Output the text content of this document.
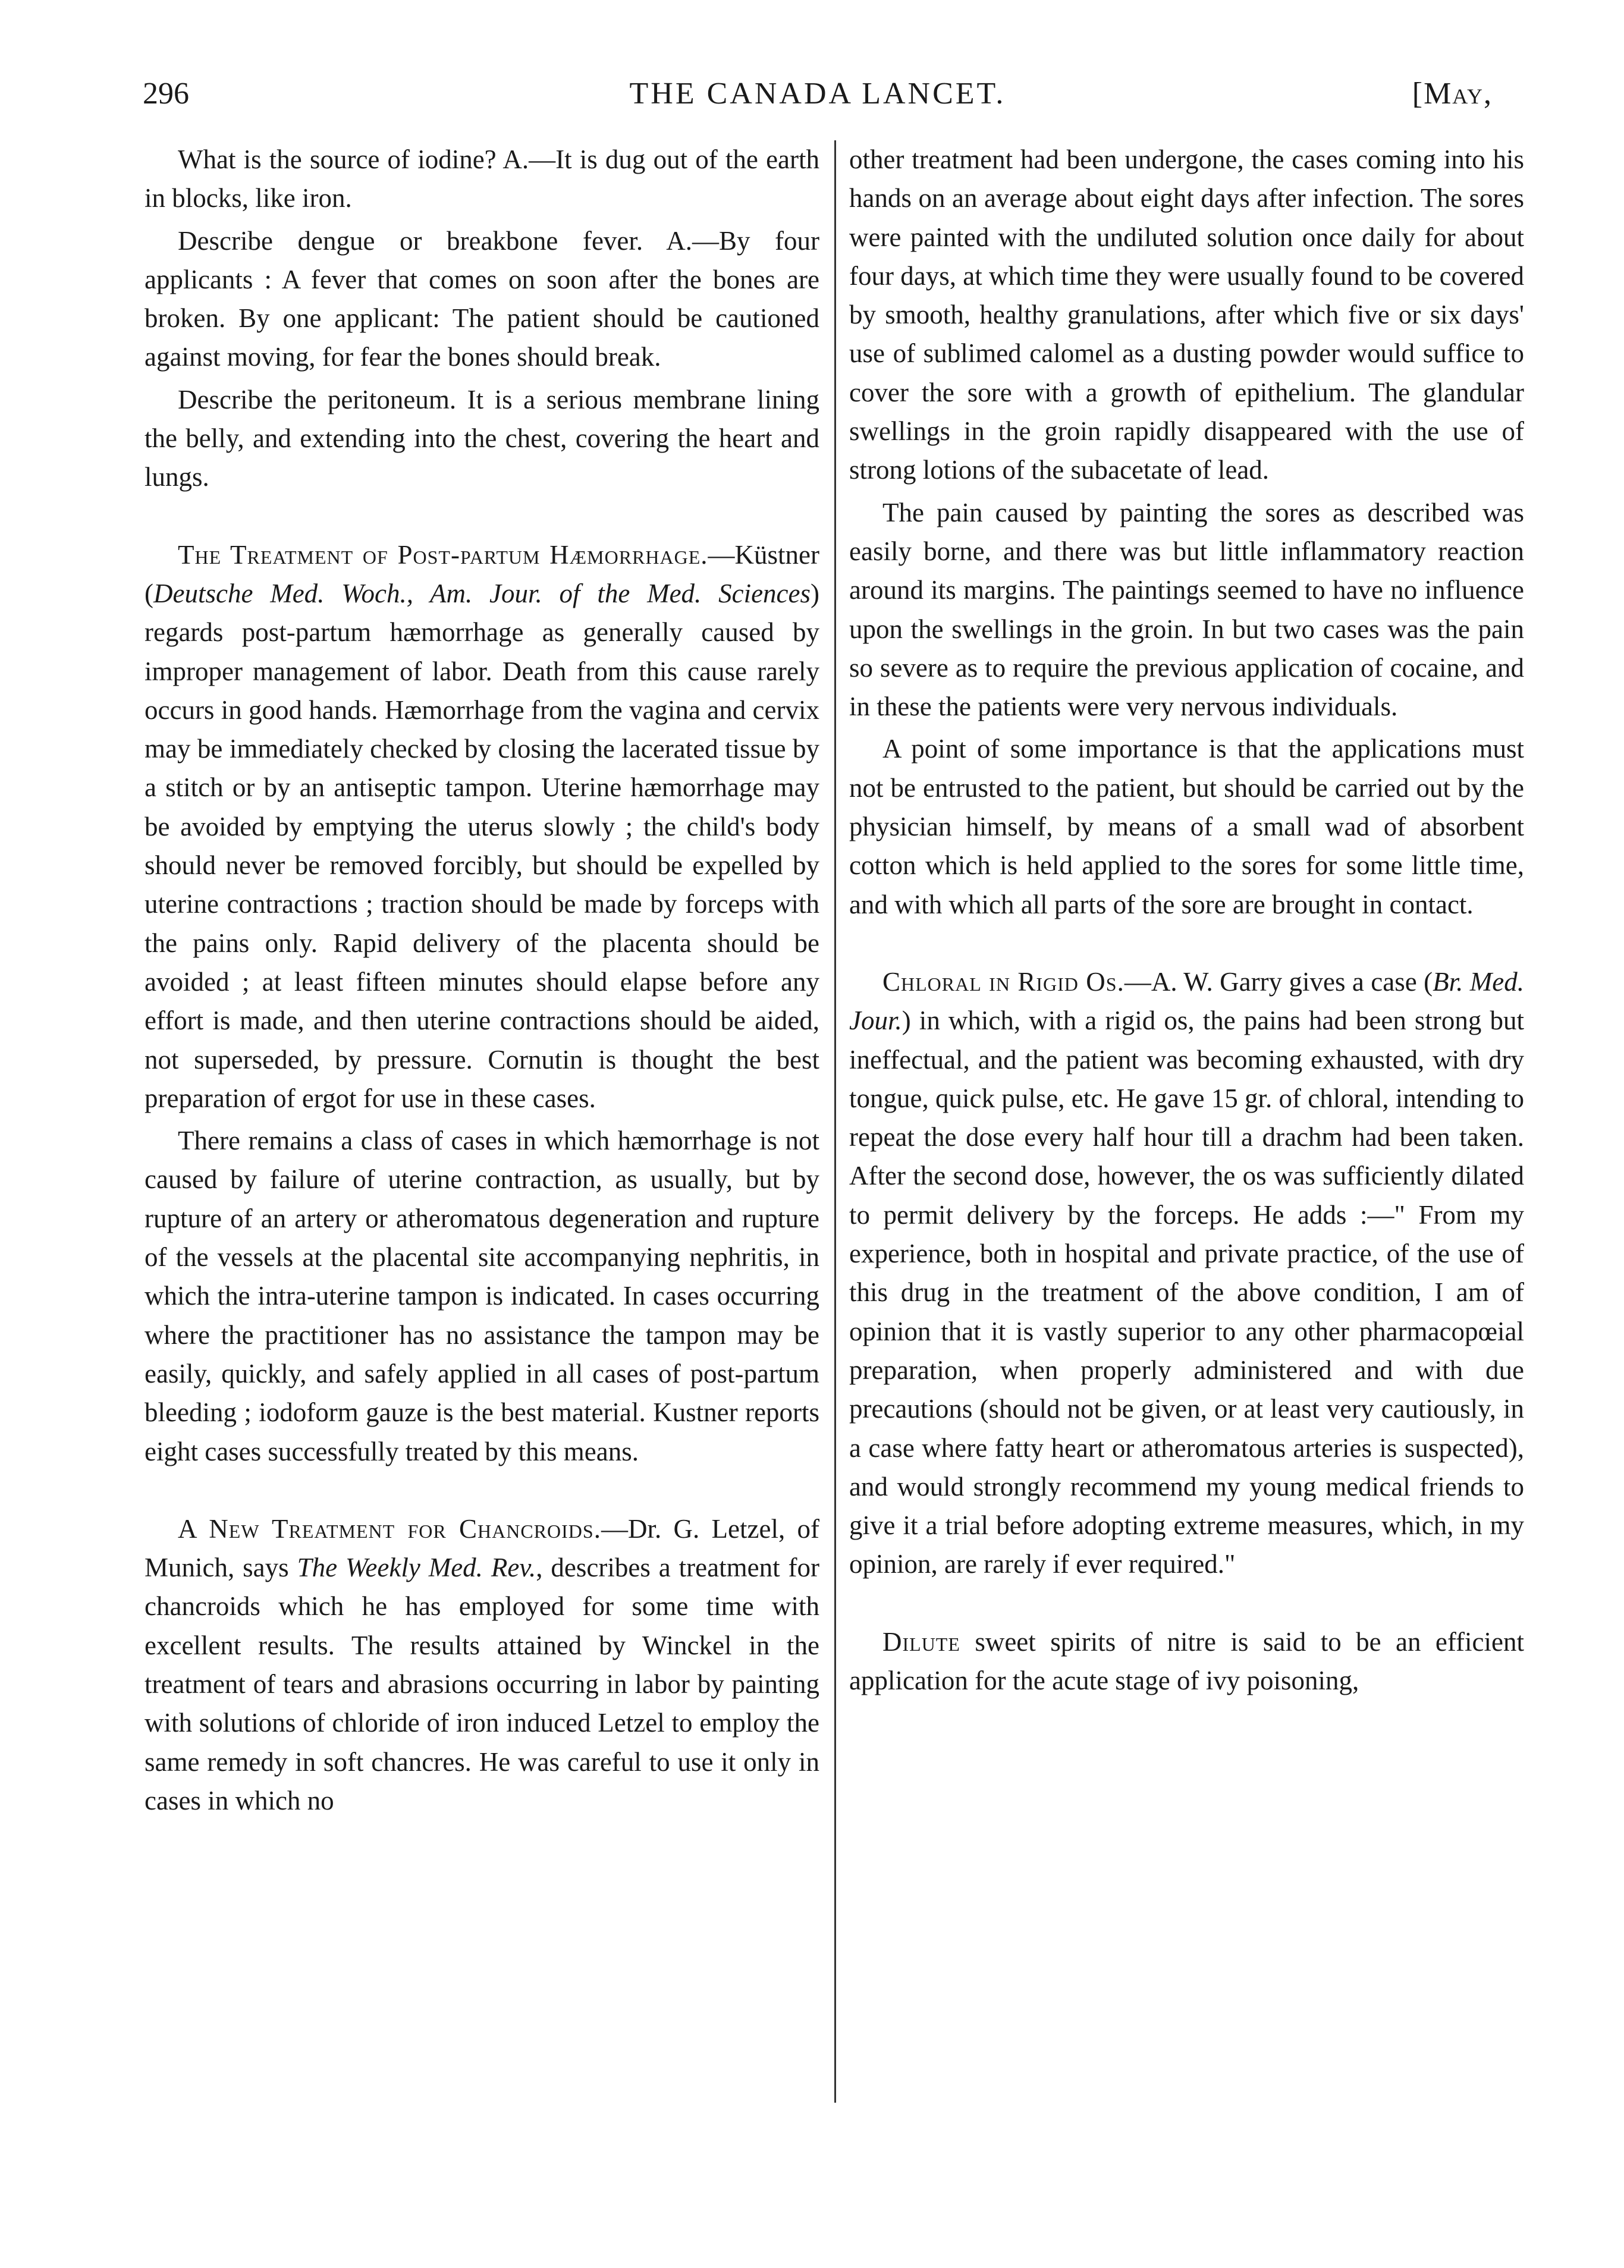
296	THE CANADA LANCET.	[May,

What is the source of iodine? A.—It is dug out of the earth in blocks, like iron.

Describe dengue or breakbone fever. A.—By four applicants : A fever that comes on soon after the bones are broken. By one applicant: The patient should be cautioned against moving, for fear the bones should break.

Describe the peritoneum. It is a serious membrane lining the belly, and extending into the chest, covering the heart and lungs.

The Treatment of Post-partum Hæmorrhage.—Küstner (Deutsche Med. Woch., Am. Jour. of the Med. Sciences) regards post-partum hæmorrhage as generally caused by improper management of labor. Death from this cause rarely occurs in good hands. Hæmorrhage from the vagina and cervix may be immediately checked by closing the lacerated tissue by a stitch or by an antiseptic tampon. Uterine hæmorrhage may be avoided by emptying the uterus slowly ; the child's body should never be removed forcibly, but should be expelled by uterine contractions ; traction should be made by forceps with the pains only. Rapid delivery of the placenta should be avoided ; at least fifteen minutes should elapse before any effort is made, and then uterine contractions should be aided, not superseded, by pressure. Cornutin is thought the best preparation of ergot for use in these cases.

There remains a class of cases in which hæmorrhage is not caused by failure of uterine contraction, as usually, but by rupture of an artery or atheromatous degeneration and rupture of the vessels at the placental site accompanying nephritis, in which the intra-uterine tampon is indicated. In cases occurring where the practitioner has no assistance the tampon may be easily, quickly, and safely applied in all cases of post-partum bleeding ; iodoform gauze is the best material. Kustner reports eight cases successfully treated by this means.

A New Treatment for Chancroids.—Dr. G. Letzel, of Munich, says The Weekly Med. Rev., describes a treatment for chancroids which he has employed for some time with excellent results. The results attained by Winckel in the treatment of tears and abrasions occurring in labor by painting with solutions of chloride of iron induced Letzel to employ the same remedy in soft chancres. He was careful to use it only in cases in which no

other treatment had been undergone, the cases coming into his hands on an average about eight days after infection. The sores were painted with the undiluted solution once daily for about four days, at which time they were usually found to be covered by smooth, healthy granulations, after which five or six days' use of sublimed calomel as a dusting powder would suffice to cover the sore with a growth of epithelium. The glandular swellings in the groin rapidly disappeared with the use of strong lotions of the subacetate of lead.

The pain caused by painting the sores as described was easily borne, and there was but little inflammatory reaction around its margins. The paintings seemed to have no influence upon the swellings in the groin. In but two cases was the pain so severe as to require the previous application of cocaine, and in these the patients were very nervous individuals.

A point of some importance is that the applications must not be entrusted to the patient, but should be carried out by the physician himself, by means of a small wad of absorbent cotton which is held applied to the sores for some little time, and with which all parts of the sore are brought in contact.

Chloral in Rigid Os.—A. W. Garry gives a case (Br. Med. Jour.) in which, with a rigid os, the pains had been strong but ineffectual, and the patient was becoming exhausted, with dry tongue, quick pulse, etc. He gave 15 gr. of chloral, intending to repeat the dose every half hour till a drachm had been taken. After the second dose, however, the os was sufficiently dilated to permit delivery by the forceps. He adds :—" From my experience, both in hospital and private practice, of the use of this drug in the treatment of the above condition, I am of opinion that it is vastly superior to any other pharmacopœial preparation, when properly administered and with due precautions (should not be given, or at least very cautiously, in a case where fatty heart or atheromatous arteries is suspected), and would strongly recommend my young medical friends to give it a trial before adopting extreme measures, which, in my opinion, are rarely if ever required."

Dilute sweet spirits of nitre is said to be an efficient application for the acute stage of ivy poisoning,
